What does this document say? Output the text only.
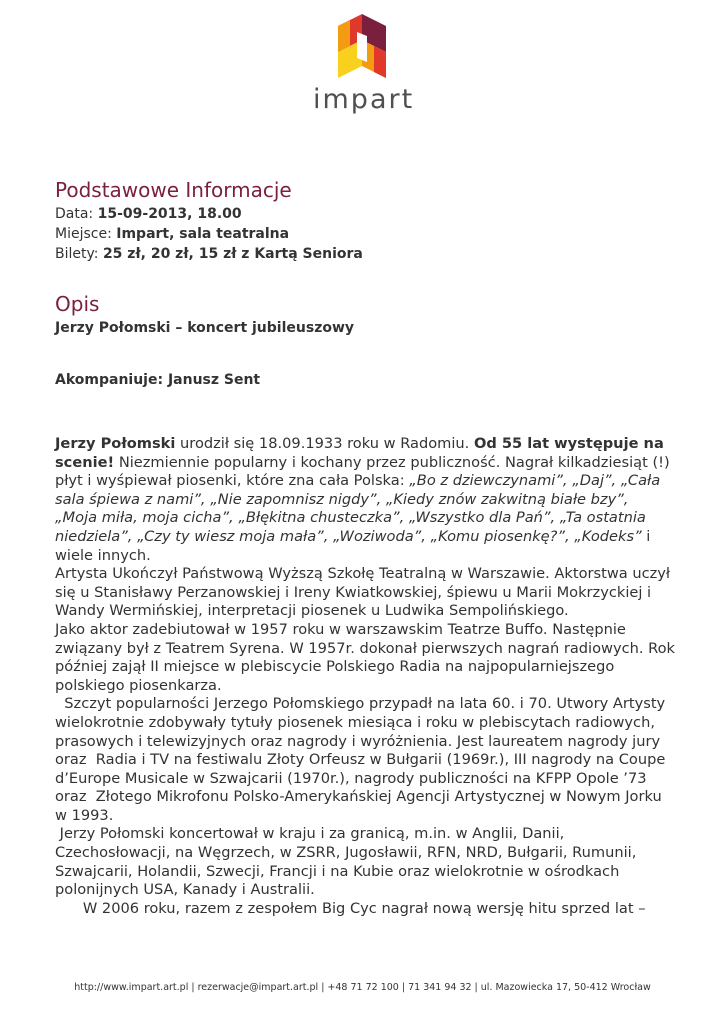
impart
Podstawowe Informacje

Data: 15-09-2013, 18.00

Miejsce: Impart, sala teatralna

Bilety: 25 zł, 20 zł, 15 zł z Kartą Seniora

Opis

Jerzy Połomski – koncert jubileuszowy

Akompaniuje: Janusz Sent

Jerzy Połomski urodził się 18.09.1933 roku w Radomiu. Od 55 lat występuje na scenie! Niezmiennie popularny i kochany przez publiczność. Nagrał kilkadziesiąt (!) płyt i wyśpiewał piosenki, które zna cała Polska: „Bo z dziewczynami”, „Daj”, „Cała sala śpiewa z nami”, „Nie zapomnisz nigdy”, „Kiedy znów zakwitną białe bzy”, „Moja miła, moja cicha”, „Błękitna chusteczka”, „Wszystko dla Pań”, „Ta ostatnia niedziela”, „Czy ty wiesz moja mała”, „Woziwoda”, „Komu piosenkę?”, „Kodeks” i wiele innych.

Artysta Ukończył Państwową Wyższą Szkołę Teatralną w Warszawie. Aktorstwa uczył się u Stanisławy Perzanowskiej i Ireny Kwiatkowskiej, śpiewu u Marii Mokrzyckiej i Wandy Wermińskiej, interpretacji piosenek u Ludwika Sempolińskiego.

Jako aktor zadebiutował w 1957 roku w warszawskim Teatrze Buffo. Następnie związany był z Teatrem Syrena. W 1957r. dokonał pierwszych nagrań radiowych. Rok później zajął II miejsce w plebiscycie Polskiego Radia na najpopularniejszego polskiego piosenkarza.

Szczyt popularności Jerzego Połomskiego przypadł na lata 60. i 70. Utwory Artysty wielokrotnie zdobywały tytuły piosenek miesiąca i roku w plebiscytach radiowych, prasowych i telewizyjnych oraz nagrody i wyróżnienia. Jest laureatem nagrody jury oraz  Radia i TV na festiwalu Złoty Orfeusz w Bułgarii (1969r.), III nagrody na Coupe d’Europe Musicale w Szwajcarii (1970r.), nagrody publiczności na KFPP Opole ’73 oraz  Złotego Mikrofonu Polsko-Amerykańskiej Agencji Artystycznej w Nowym Jorku w 1993.

Jerzy Połomski koncertował w kraju i za granicą, m.in. w Anglii, Danii, Czechosłowacji, na Węgrzech, w ZSRR, Jugosławii, RFN, NRD, Bułgarii, Rumunii, Szwajcarii, Holandii, Szwecji, Francji i na Kubie oraz wielokrotnie w ośrodkach polonijnych USA, Kanady i Australii.

W 2006 roku, razem z zespołem Big Cyc nagrał nową wersję hitu sprzed lat –

http://www.impart.art.pl | rezerwacje@impart.art.pl | +48 71 72 100 | 71 341 94 32 | ul. Mazowiecka 17, 50-412 Wrocław
